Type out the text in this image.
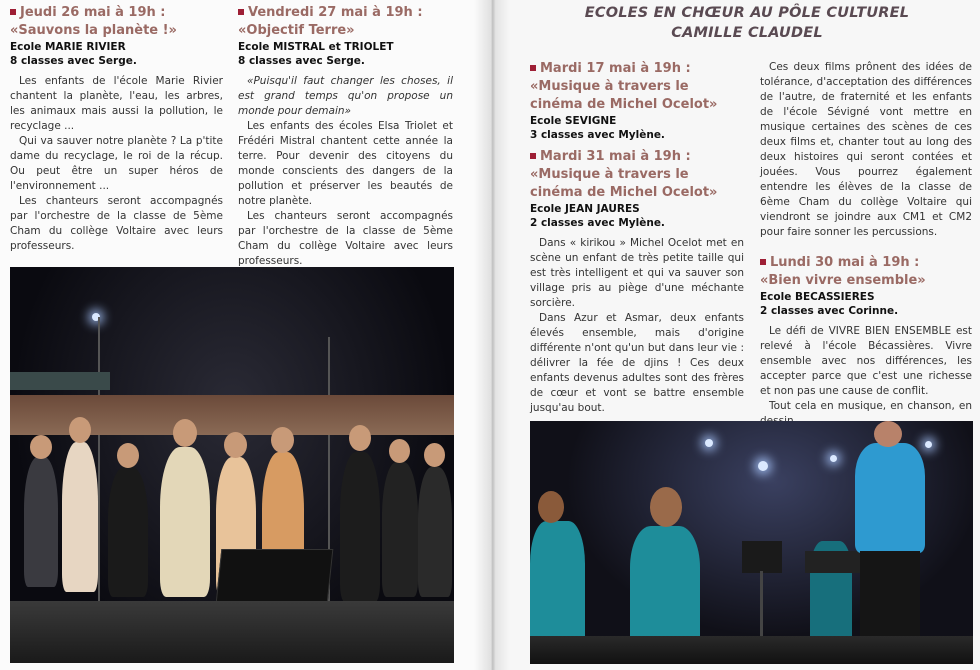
Jeudi 26 mai à 19h :
«Sauvons la planète !»
Ecole MARIE RIVIER
8 classes avec Serge.
Les enfants de l'école Marie Rivier chantent la planète, l'eau, les arbres, les animaux mais aussi la pollution, le recyclage ...
Qui va sauver notre planète ? La p'tite dame du recyclage, le roi de la récup. Ou peut être un super héros de l'environnement ...
Les chanteurs seront accompagnés par l'orchestre de la classe de 5ème Cham du collège Voltaire avec leurs professeurs.
Vendredi 27 mai à 19h :
«Objectif Terre»
Ecole MISTRAL et TRIOLET
8 classes avec Serge.
«Puisqu'il faut changer les choses, il est grand temps qu'on propose un monde pour demain»
Les enfants des écoles Elsa Triolet et Frédéri Mistral chantent cette année la terre. Pour devenir des citoyens du monde conscients des dangers de la pollution et préserver les beautés de notre planète.
Les chanteurs seront accompagnés par l'orchestre de la classe de 5ème Cham du collège Voltaire avec leurs professeurs.
ECOLES EN CHŒUR AU PÔLE CULTUREL
CAMILLE CLAUDEL
Mardi 17 mai à 19h :
«Musique à travers le cinéma de Michel Ocelot»
Ecole SEVIGNE
3 classes avec Mylène.
Mardi 31 mai à 19h :
«Musique à travers le cinéma de Michel Ocelot»
Ecole JEAN JAURES
2 classes avec Mylène.
Dans « kirikou » Michel Ocelot met en scène un enfant de très petite taille qui est très intelligent et qui va sauver son village pris au piège d'une méchante sorcière.
Dans Azur et Asmar, deux enfants élevés ensemble, mais d'origine différente n'ont qu'un but dans leur vie : délivrer la fée de djins ! Ces deux enfants devenus adultes sont des frères de cœur et vont se battre ensemble jusqu'au bout.
Ces deux films prônent des idées de tolérance, d'acceptation des différences de l'autre, de fraternité et les enfants de l'école Sévigné vont mettre en musique certaines des scènes de ces deux films et, chanter tout au long des deux histoires qui seront contées et jouées. Vous pourrez également entendre les élèves de la classe de 6ème Cham du collège Voltaire qui viendront se joindre aux CM1 et CM2 pour faire sonner les percussions.
Lundi 30 mai à 19h :
«Bien vivre ensemble»
Ecole BECASSIERES
2 classes avec Corinne.
Le défi de VIVRE BIEN ENSEMBLE est relevé à l'école Bécassières. Vivre ensemble avec nos différences, les accepter parce que c'est une richesse et non pas une cause de conflit.
Tout cela en musique, en chanson, en
